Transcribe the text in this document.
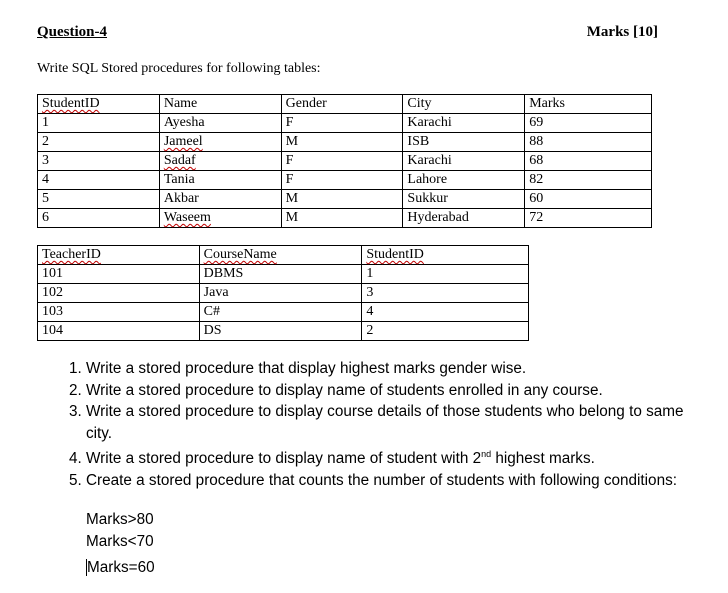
Question-4	Marks [10]
Write SQL Stored procedures for following tables:
StudentID	Name	Gender	City	Marks
1	Ayesha	F	Karachi	69
2	Jameel	M	ISB	88
3	Sadaf	F	Karachi	68
4	Tania	F	Lahore	82
5	Akbar	M	Sukkur	60
6	Waseem	M	Hyderabad	72
TeacherID	CourseName	StudentID
101	DBMS	1
102	Java	3
103	C#	4
104	DS	2
1. Write a stored procedure that display highest marks gender wise.
2. Write a stored procedure to display name of students enrolled in any course.
3. Write a stored procedure to display course details of those students who belong to same city.
4. Write a stored procedure to display name of student with 2nd highest marks.
5. Create a stored procedure that counts the number of students with following conditions:
Marks>80
Marks<70
Marks=60
